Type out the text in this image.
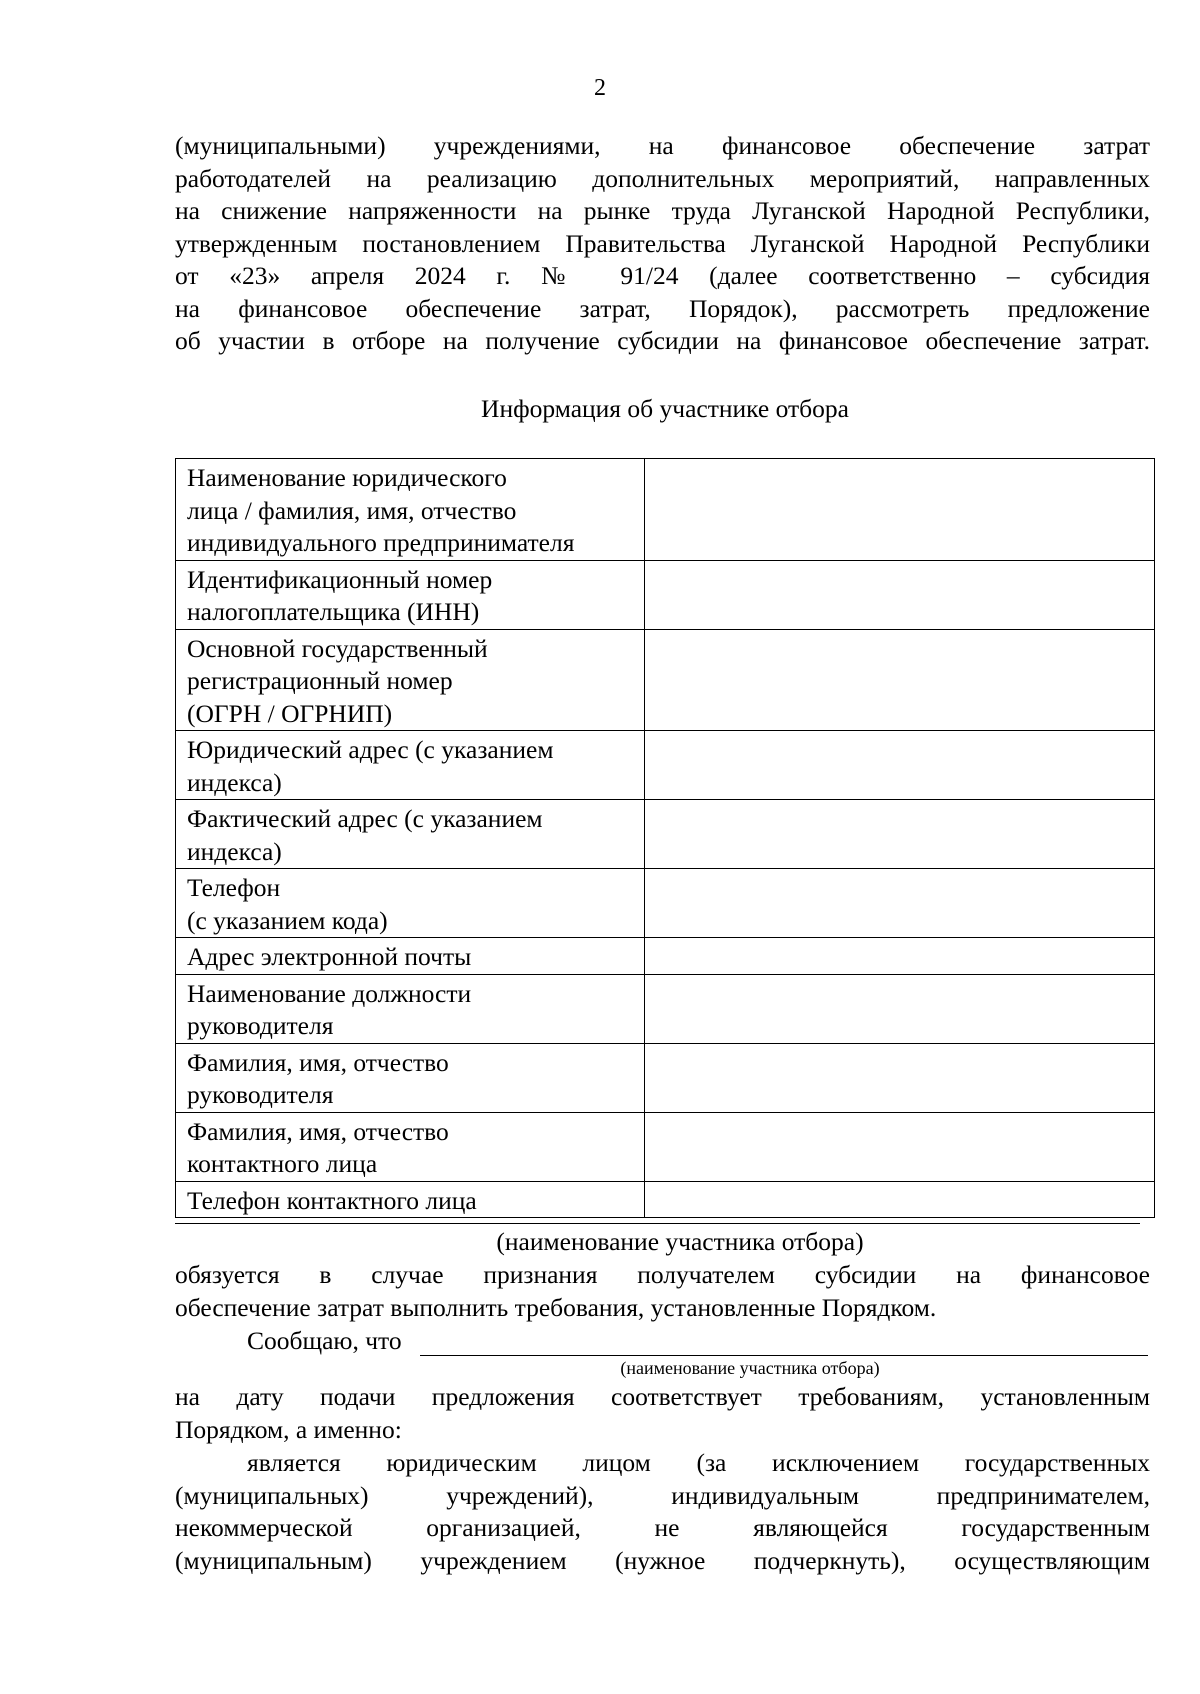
2
(муниципальными) учреждениями, на финансовое обеспечение затрат
работодателей на реализацию дополнительных мероприятий, направленных
на снижение напряженности на рынке труда Луганской Народной Республики,
утвержденным постановлением Правительства Луганской Народной Республики
от «23» апреля 2024 г. № 91/24 (далее соответственно – субсидия
на финансовое обеспечение затрат, Порядок), рассмотреть предложение
об участии в отборе на получение субсидии на финансовое обеспечение затрат.
Информация об участнике отбора
Наименование юридического
лица / фамилия, имя, отчество
индивидуального предпринимателя	

Идентификационный номер
налогоплательщика (ИНН)	

Основной государственный
регистрационный номер
(ОГРН / ОГРНИП)	

Юридический адрес (с указанием
индекса)	

Фактический адрес (с указанием
индекса)	

Телефон
(с указанием кода)	

Адрес электронной почты	

Наименование должности
руководителя	

Фамилия, имя, отчество
руководителя	

Фамилия, имя, отчество
контактного лица	

Телефон контактного лица	

(наименование участника отбора)
обязуется в случае признания получателем субсидии на финансовое
обеспечение затрат выполнить требования, установленные Порядком.
Сообщаю, что
(наименование участника отбора)
на дату подачи предложения соответствует требованиям, установленным
Порядком, а именно:
является юридическим лицом (за исключением государственных
(муниципальных) учреждений), индивидуальным предпринимателем,
некоммерческой организацией, не являющейся государственным
(муниципальным) учреждением (нужное подчеркнуть), осуществляющим
